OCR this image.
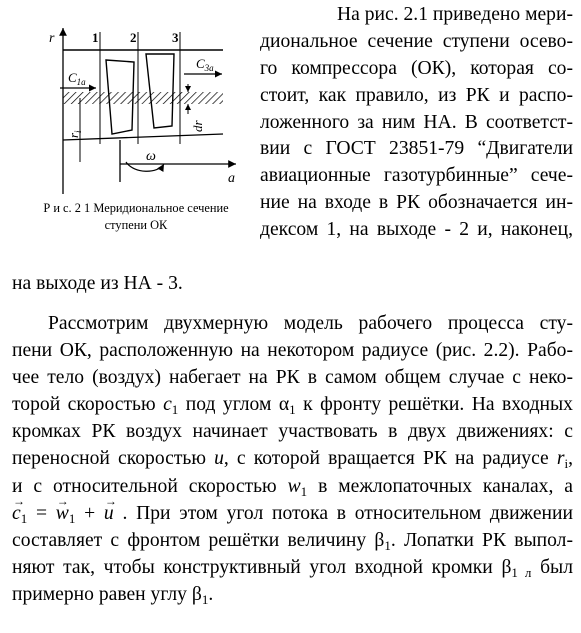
r
a
1 2	3
$C_{1a}$
$C_{3a}$
$r_i$	dr
ω
Р и с. 2 1 Меридиональное сечение
ступени ОК
На рис. 2.1 приведено мери-
диональное сечение ступени осево-
го компрессора (ОК), которая со-
стоит, как правило, из РК и распо-
ложенного за ним НА. В соответст-
вии с ГОСТ 23851-79 “Двигатели
авиационные газотурбинные” сече-
ние на входе в РК обозначается ин-
дексом 1, на выходе - 2 и, наконец,
на выходе из НА - 3.
Рассмотрим двухмерную модель рабочего процесса сту-
пени ОК, расположенную на некотором радиусе (рис. 2.2). Рабо-
чее тело (воздух) набегает на РК в самом общем случае с неко-
торой скоростью $c_1$ под углом $\alpha_1$ к фронту решётки. На входных
кромках РК воздух начинает участвовать в двух движениях: с
переносной скоростью u, с которой вращается РК на радиусе $r_i$,
и с относительной скоростью $w_1$ в межлопаточных каналах, а
→ $c_1$ = → $w_1$ + → u . При этом угол потока в относительном движении
составляет с фронтом решётки величину $\beta_1$. Лопатки РК выпол-
няют так, чтобы конструктивный угол входной кромки $\beta_{1 л}$ был
примерно равен углу $\beta_1$.
